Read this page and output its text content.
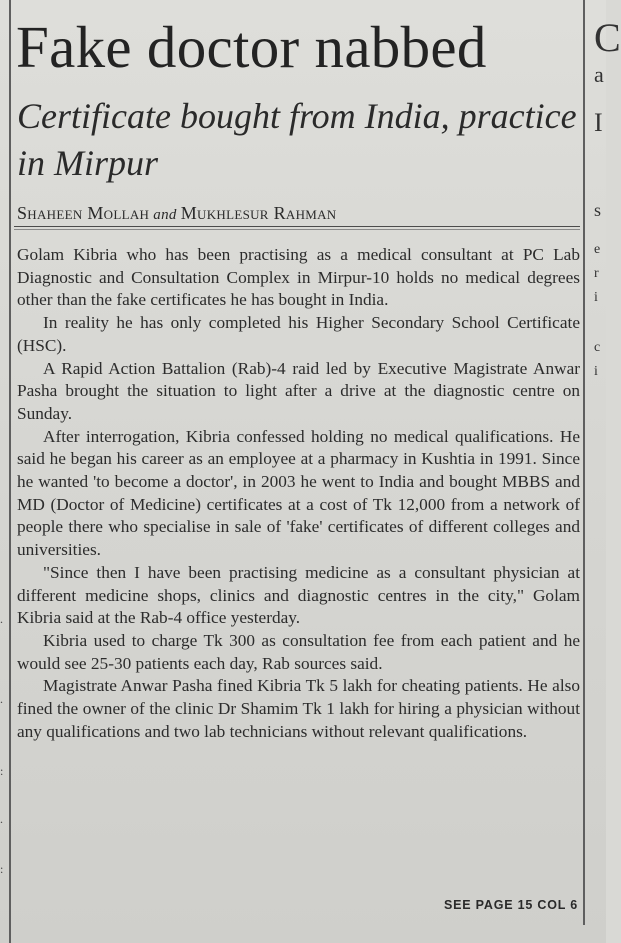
.
.
:
.
:
Fake doctor nabbed
Certificate bought from India, practice in Mirpur
Shaheen Mollah and Mukhlesur Rahman

Golam Kibria who has been practising as a medical consultant at PC Lab Diagnostic and Consultation Complex in Mirpur-10 holds no medical degrees other than the fake certificates he has bought in India.

In reality he has only completed his Higher Secondary School Certificate (HSC).

A Rapid Action Battalion (Rab)-4 raid led by Executive Magistrate Anwar Pasha brought the situation to light after a drive at the diagnostic centre on Sunday.

After interrogation, Kibria confessed holding no medical qualifications. He said he began his career as an employee at a pharmacy in Kushtia in 1991. Since he wanted 'to become a doctor', in 2003 he went to India and bought MBBS and MD (Doctor of Medicine) certificates at a cost of Tk 12,000 from a network of people there who specialise in sale of 'fake' certificates of different colleges and universities.

"Since then I have been practising medicine as a consultant physician at different medicine shops, clinics and diagnostic centres in the city," Golam Kibria said at the Rab-4 office yesterday.

Kibria used to charge Tk 300 as consultation fee from each patient and he would see 25-30 patients each day, Rab sources said.

Magistrate Anwar Pasha fined Kibria Tk 5 lakh for cheating patients. He also fined the owner of the clinic Dr Shamim Tk 1 lakh for hiring a physician without any qualifications and two lab technicians without relevant qualifications.

SEE PAGE 15 COL 6
C
a
I
s
e
r
i
c
i
